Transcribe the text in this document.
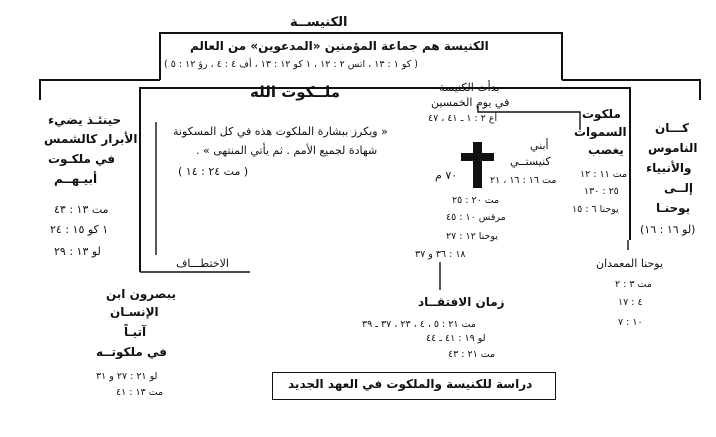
الكنيســة
الكنيسة هم جماعة المؤمنين «المدعوين» من العالم
( كو ١ : ١٣ ، اتس ٢ : ١٢ ، ١ كو ١٢ : ١٣ ، أف ٤ : ٤ ، رؤ ١٢ : ٥ )
ملــكوت الله	بدأت الكنيسة
في يوم الخمسين
أع ٢ : ١ ـ ٤١ ، ٤٧
أبني
كنيستــي
مت ١٦ : ١٦ ، ٢١
٧٠ م
مت ٢٠ : ٢٥
مرقس ١٠ : ٤٥
يوحنا ١٢ : ٢٧
١٨ : ٣٦ و ٣٧
ملكوت
السموات
يغصب
مت ١١ : ١٢
٢٥ : ١٣٠
يوحنا ٦ : ١٥
كـــان
الناموس
والأنبياء
إلــى
يوحنـا
(لو ١٦ : ١٦)
يوحنا المعمدان
مت ٣ : ٢
٤ : ١٧
١٠ : ٧
« ويكرز ببشارة الملكوت هذه في كل المسكونة
شهادة لجميع الأمم . ثم يأتي المنتهى » .
( مت ٢٤ : ١٤ )
الاختطـــاف
حينئـذ يضيء
الأبرار كالشمس
في ملكـوت
أبيـهــم
مت ١٣ : ٤٣
١ كو ١٥ : ٢٤
لو ١٣ : ٢٩
يبصرون ابن
الإنسـان
آتيـاً
في ملكوتــه
لو ٢١ : ٢٧ و ٣١
مت ١٣ : ٤١
زمان الافتقــاد
مت ٢١ : ٥ ، ٤ ، ٢٣ ، ٣٧ ـ ٣٩
لو ١٩ : ٤١ ـ ٤٤
مت ٢١ : ٤٣
دراسة للكنيسة والملكوت في العهد الجديد
